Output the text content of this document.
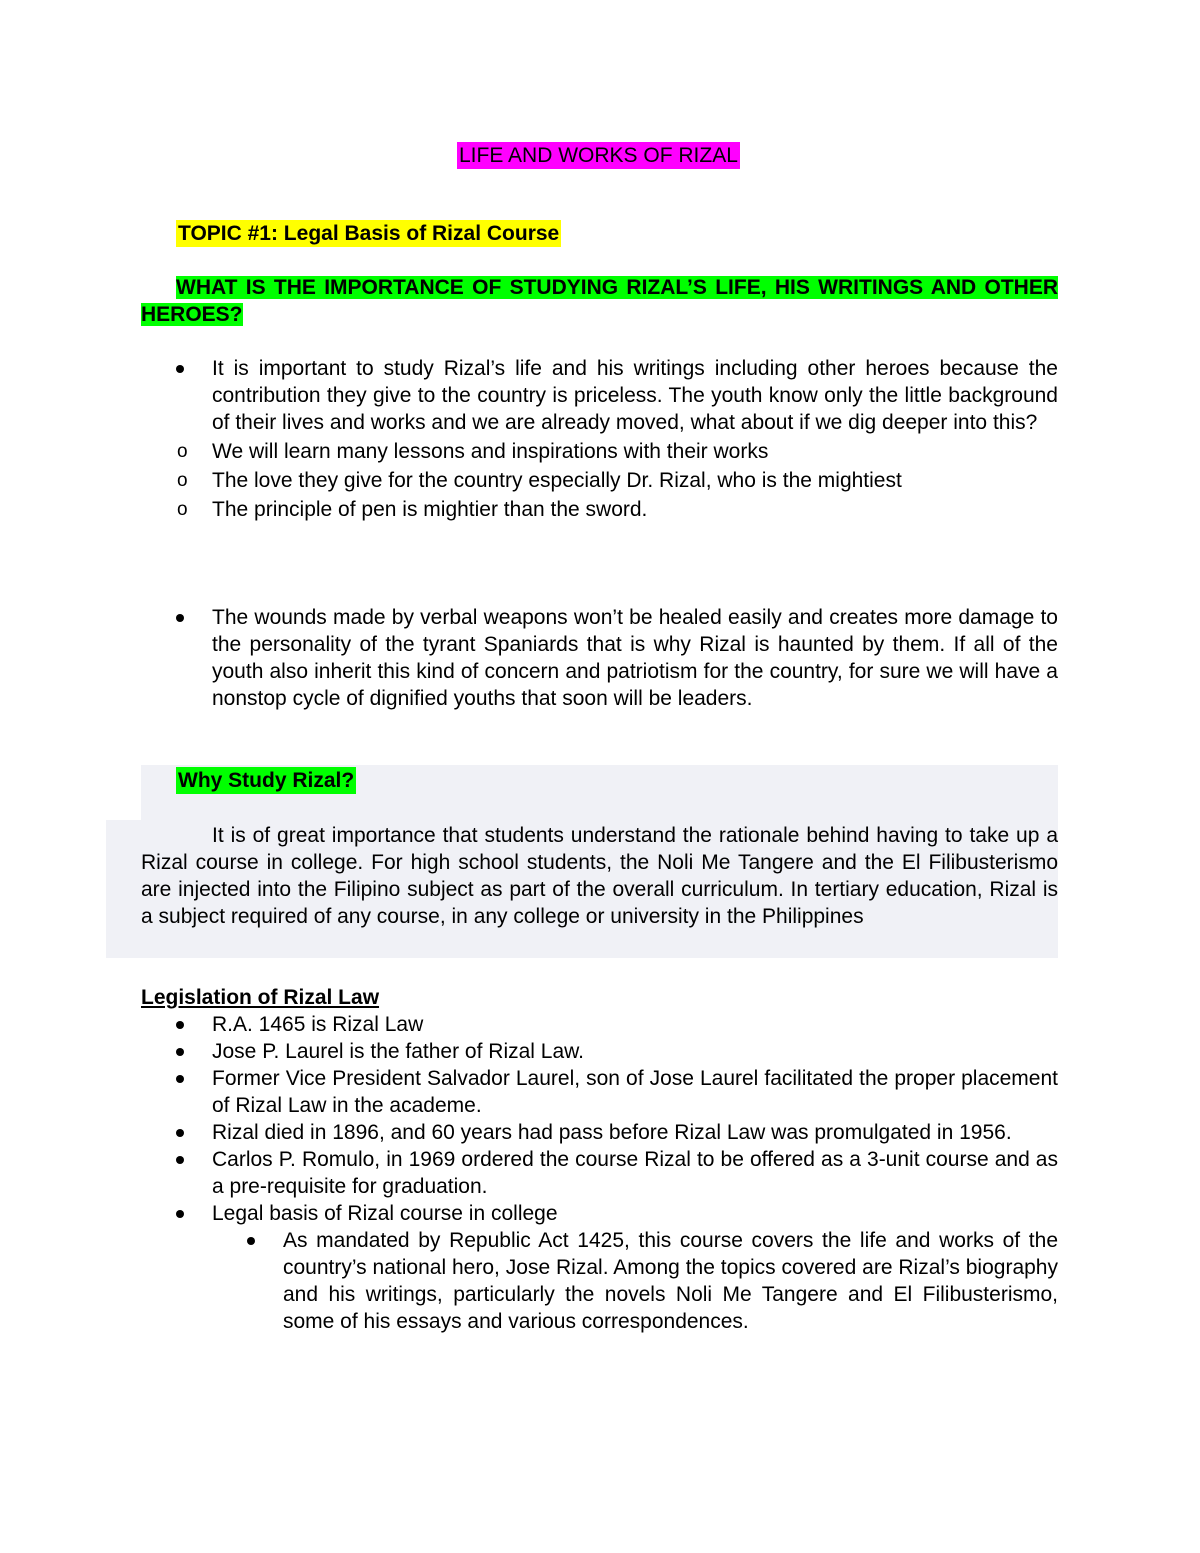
LIFE AND WORKS OF RIZAL
TOPIC #1: Legal Basis of Rizal Course
WHAT IS THE IMPORTANCE OF STUDYING RIZAL’S LIFE, HIS WRITINGS AND OTHER HEROES?
It is important to study Rizal’s life and his writings including other heroes because the contribution they give to the country is priceless. The youth know only the little background of their lives and works and we are already moved, what about if we dig deeper into this?
o We will learn many lessons and inspirations with their works
o The love they give for the country especially Dr. Rizal, who is the mightiest
o The principle of pen is mightier than the sword.
The wounds made by verbal weapons won’t be healed easily and creates more damage to the personality of the tyrant Spaniards that is why Rizal is haunted by them. If all of the youth also inherit this kind of concern and patriotism for the country, for sure we will have a nonstop cycle of dignified youths that soon will be leaders.
Why Study Rizal?
It is of great importance that students understand the rationale behind having to take up a Rizal course in college. For high school students, the Noli Me Tangere and the El Filibusterismo are injected into the Filipino subject as part of the overall curriculum. In tertiary education, Rizal is a subject required of any course, in any college or university in the Philippines
Legislation of Rizal Law
R.A. 1465 is Rizal Law
Jose P. Laurel is the father of Rizal Law.
Former Vice President Salvador Laurel, son of Jose Laurel facilitated the proper placement of Rizal Law in the academe.
Rizal died in 1896, and 60 years had pass before Rizal Law was promulgated in 1956.
Carlos P. Romulo, in 1969 ordered the course Rizal to be offered as a 3-unit course and as a pre-requisite for graduation.
Legal basis of Rizal course in college
As mandated by Republic Act 1425, this course covers the life and works of the country’s national hero, Jose Rizal. Among the topics covered are Rizal’s biography and his writings, particularly the novels Noli Me Tangere and El Filibusterismo, some of his essays and various correspondences.
